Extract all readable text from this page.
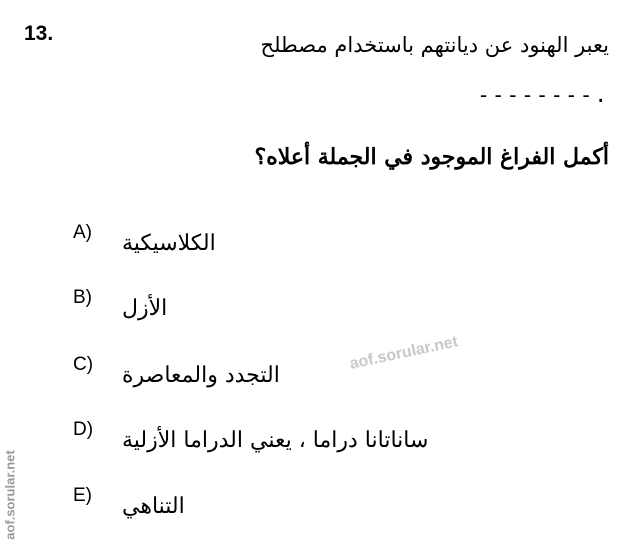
13.	يعبر الهنود عن ديانتهم باستخدام مصطلح
--------.
أكمل الفراغ الموجود في الجملة أعلاه؟
A) الكلاسيكية
B) الأزل
C) التجدد والمعاصرة
D) ساناتانا دراما ، يعني الدراما الأزلية
E) التناهي
aof.sorular.net
aof.sorular.net
